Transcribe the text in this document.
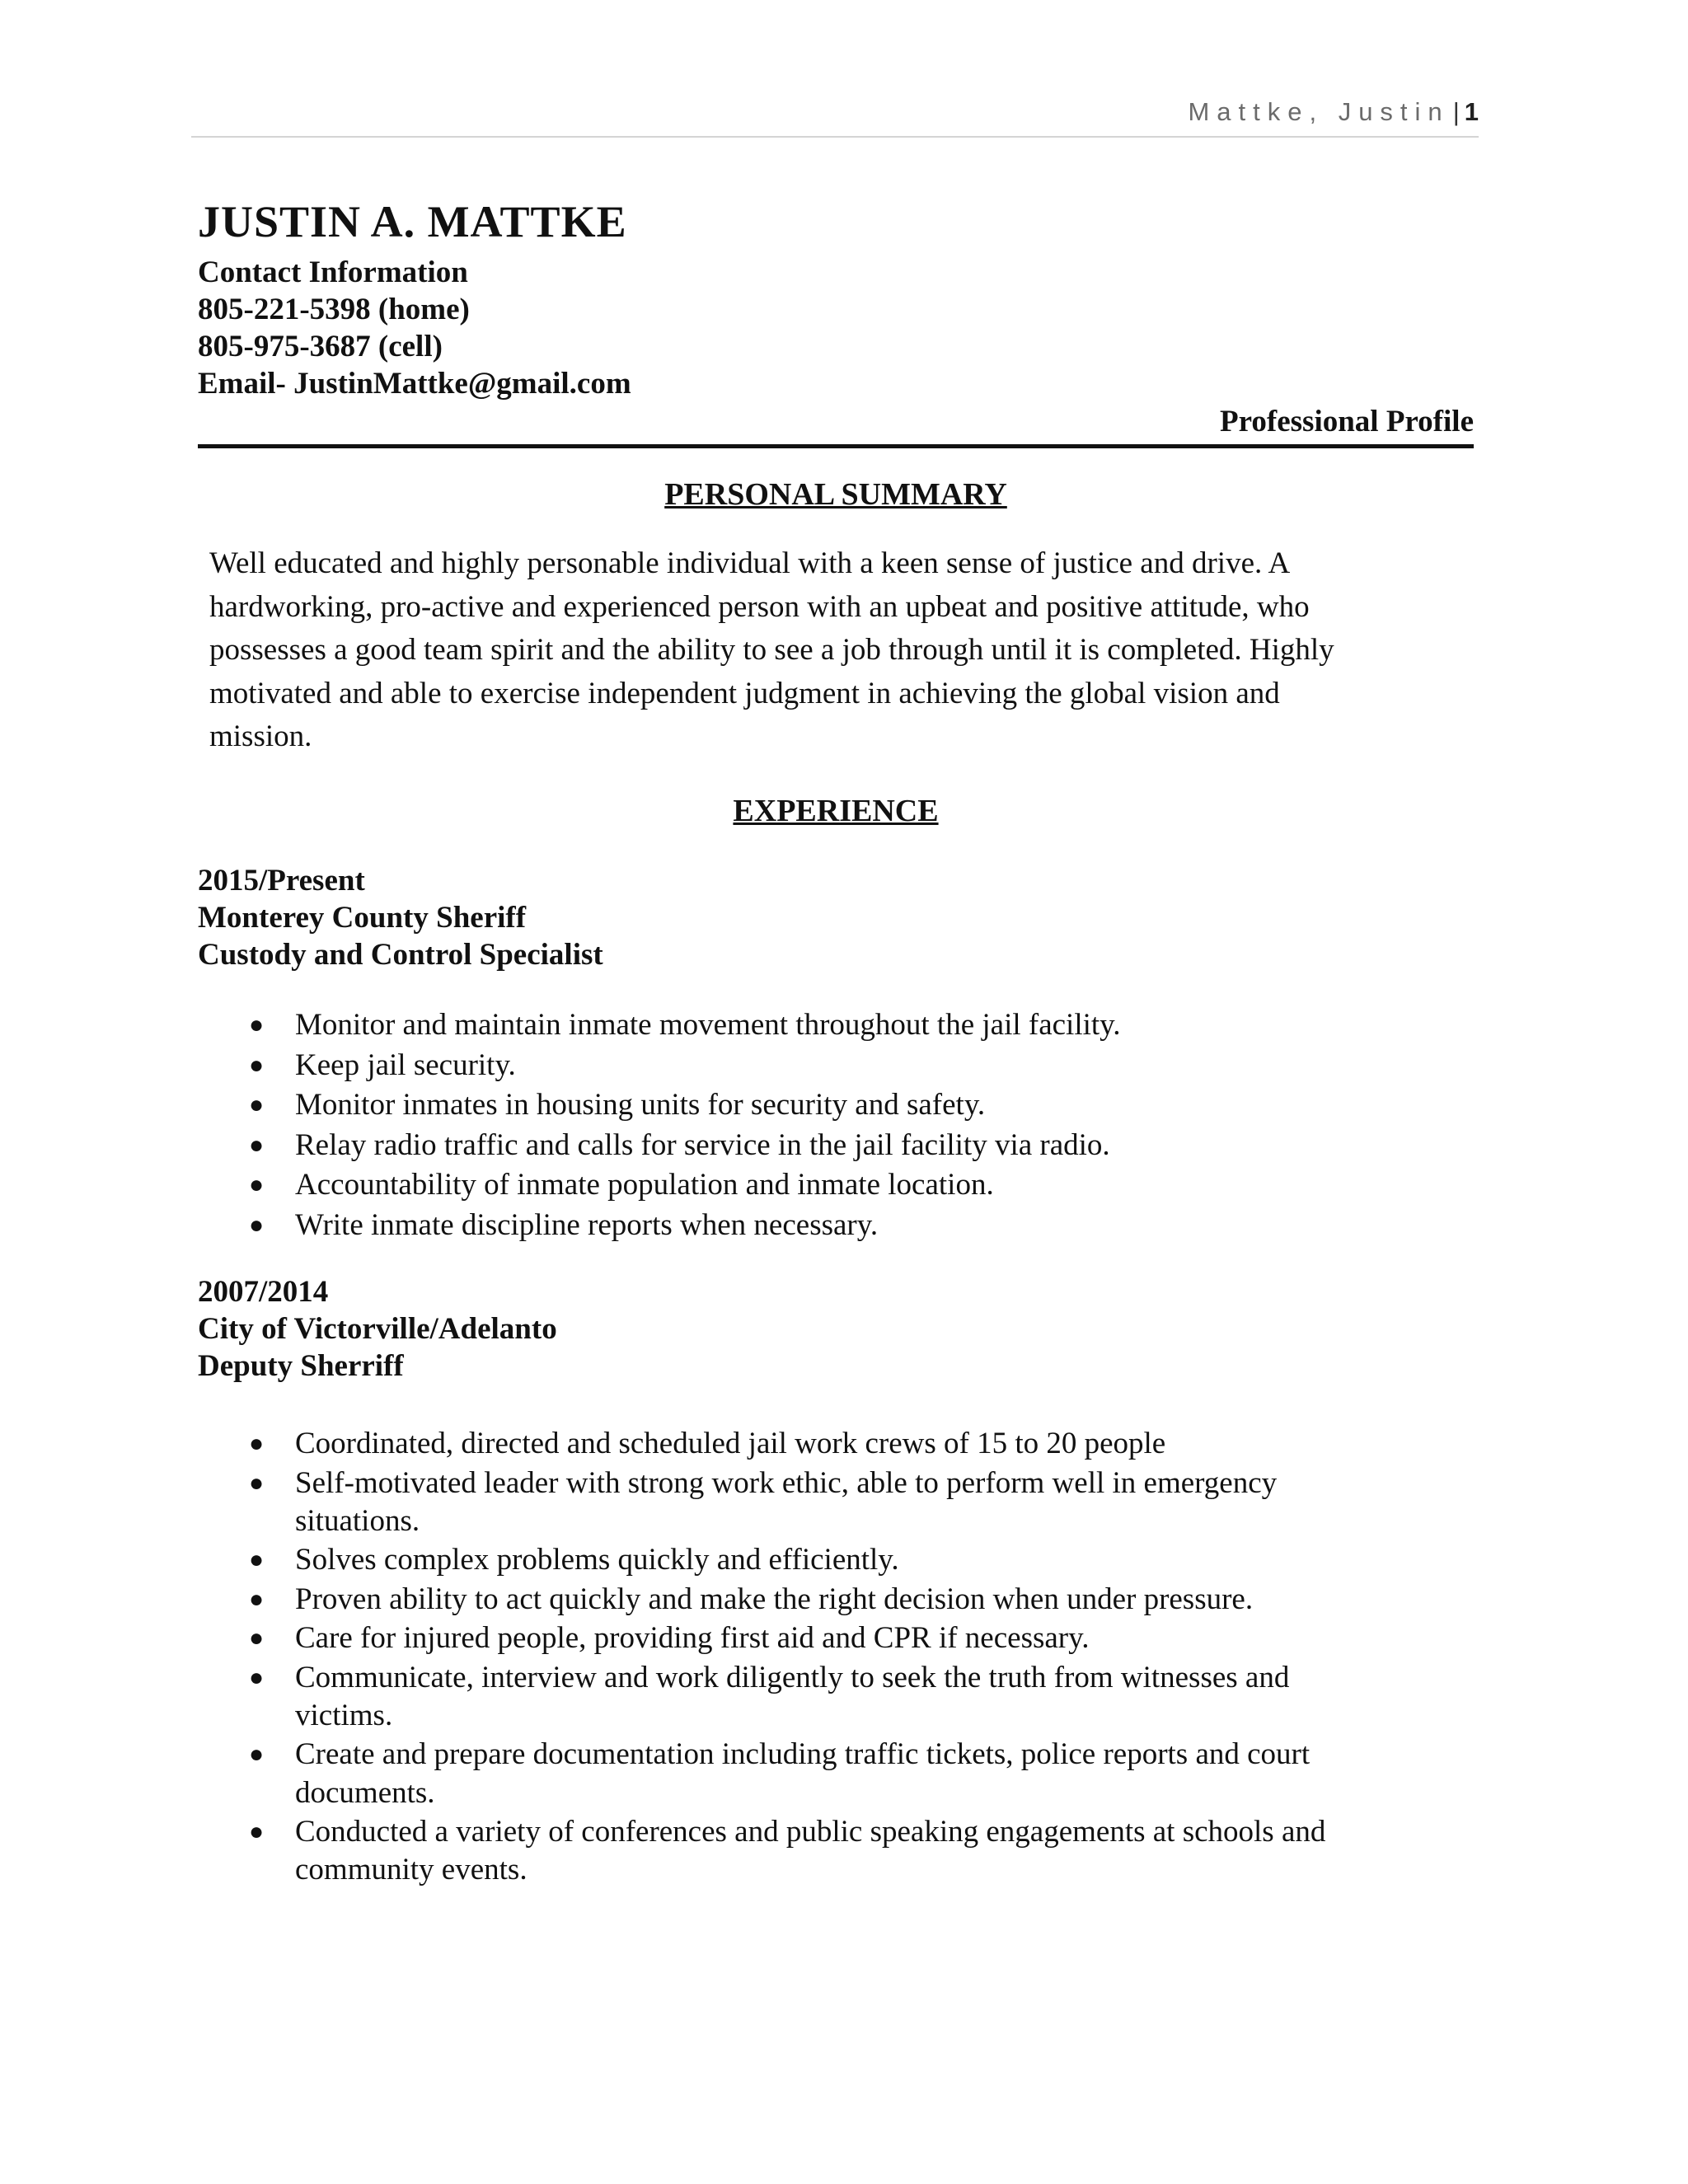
Mattke, Justin | 1
JUSTIN A. MATTKE
Contact Information
805-221-5398 (home)
805-975-3687 (cell)
Email- JustinMattke@gmail.com
Professional Profile
PERSONAL SUMMARY
Well educated and highly personable individual with a keen sense of justice and drive. A
hardworking, pro-active and experienced person with an upbeat and positive attitude, who
possesses a good team spirit and the ability to see a job through until it is completed. Highly
motivated and able to exercise independent judgment in achieving the global vision and
mission.
EXPERIENCE
2015/Present
Monterey County Sheriff
Custody and Control Specialist
● Monitor and maintain inmate movement throughout the jail facility.
● Keep jail security.
● Monitor inmates in housing units for security and safety.
● Relay radio traffic and calls for service in the jail facility via radio.
● Accountability of inmate population and inmate location.
● Write inmate discipline reports when necessary.
2007/2014
City of Victorville/Adelanto
Deputy Sherriff
● Coordinated, directed and scheduled jail work crews of 15 to 20 people
● Self-motivated leader with strong work ethic, able to perform well in emergency
situations.
● Solves complex problems quickly and efficiently.
● Proven ability to act quickly and make the right decision when under pressure.
● Care for injured people, providing first aid and CPR if necessary.
● Communicate, interview and work diligently to seek the truth from witnesses and
victims.
● Create and prepare documentation including traffic tickets, police reports and court
documents.
● Conducted a variety of conferences and public speaking engagements at schools and
community events.
